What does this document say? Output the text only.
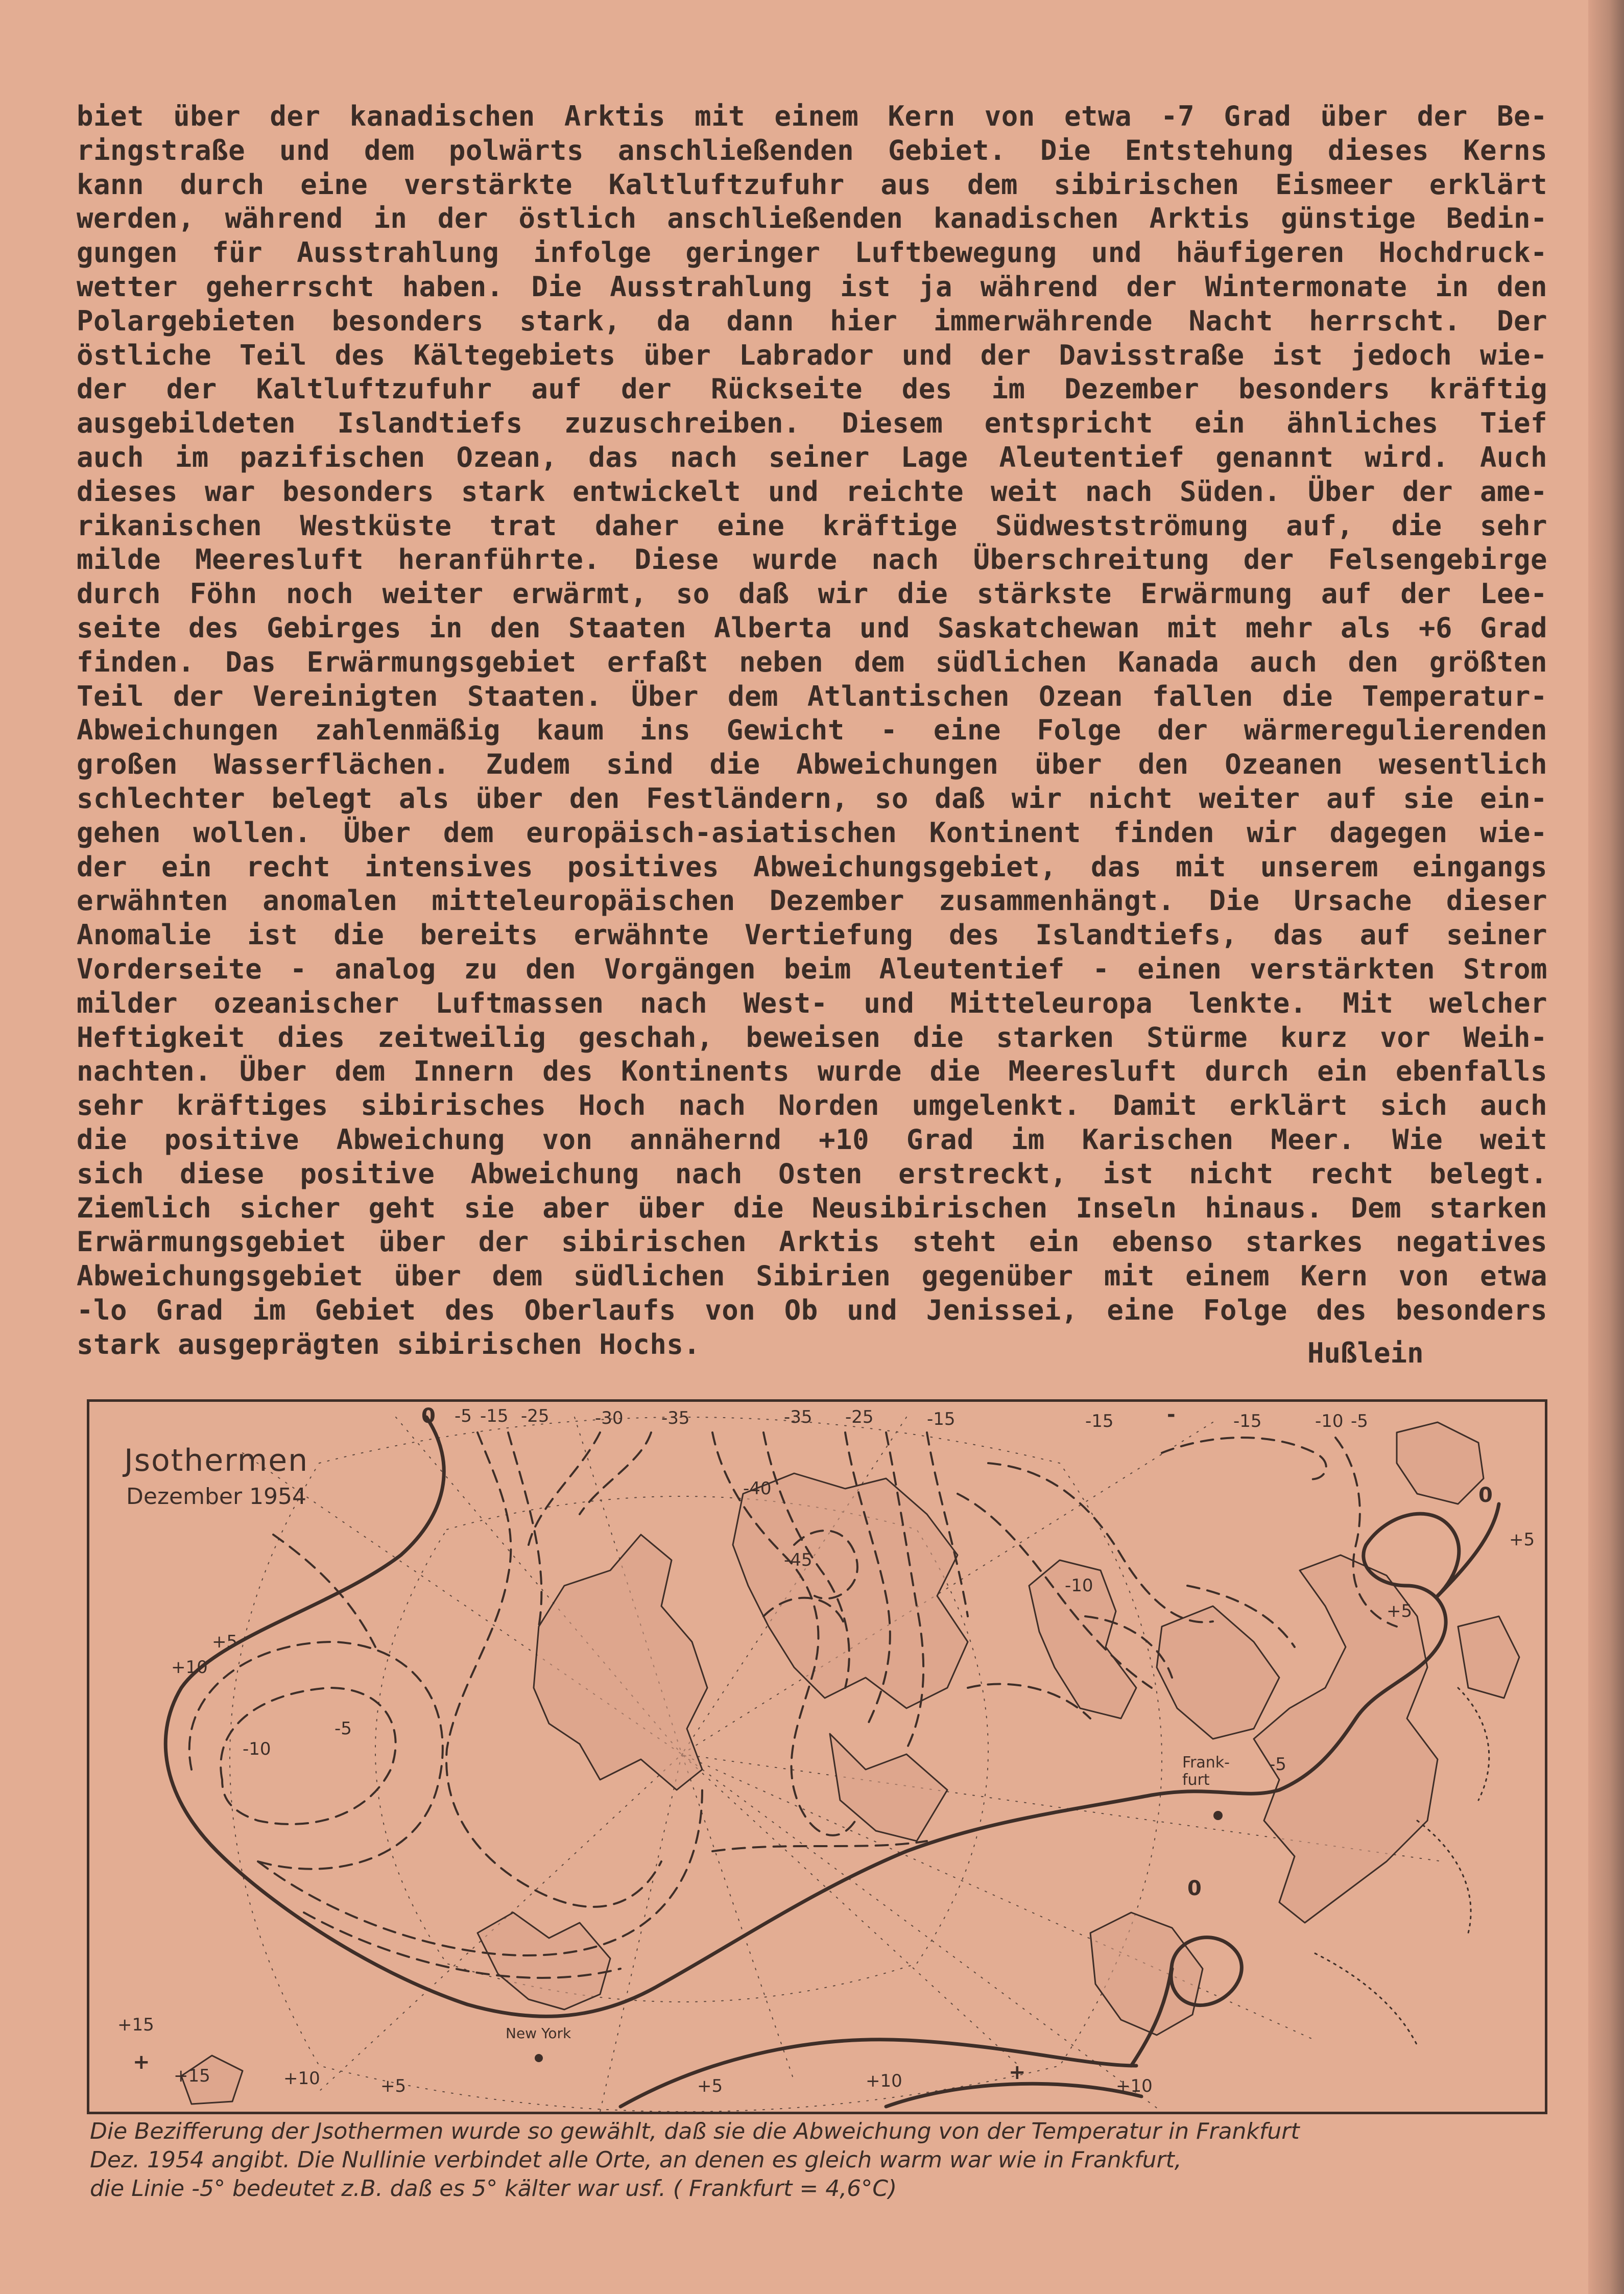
biet über der kanadischen Arktis mit einem Kern von etwa -7 Grad über der Be-
ringstraße und dem polwärts anschließenden Gebiet. Die Entstehung dieses Kerns
kann durch eine verstärkte Kaltluftzufuhr aus dem sibirischen Eismeer erklärt
werden, während in der östlich anschließenden kanadischen Arktis günstige Bedin-
gungen für Ausstrahlung infolge geringer Luftbewegung und häufigeren Hochdruck-
wetter geherrscht haben. Die Ausstrahlung ist ja während der Wintermonate in den
Polargebieten besonders stark, da dann hier immerwährende Nacht herrscht. Der
östliche Teil des Kältegebiets über Labrador und der Davisstraße ist jedoch wie-
der der Kaltluftzufuhr auf der Rückseite des im Dezember besonders kräftig
ausgebildeten Islandtiefs zuzuschreiben. Diesem entspricht ein ähnliches Tief
auch im pazifischen Ozean, das nach seiner Lage Aleutentief genannt wird. Auch
dieses war besonders stark entwickelt und reichte weit nach Süden. Über der ame-
rikanischen Westküste trat daher eine kräftige Südwestströmung auf, die sehr
milde Meeresluft heranführte. Diese wurde nach Überschreitung der Felsengebirge
durch Föhn noch weiter erwärmt, so daß wir die stärkste Erwärmung auf der Lee-
seite des Gebirges in den Staaten Alberta und Saskatchewan mit mehr als +6 Grad
finden. Das Erwärmungsgebiet erfaßt neben dem südlichen Kanada auch den größten
Teil der Vereinigten Staaten. Über dem Atlantischen Ozean fallen die Temperatur-
Abweichungen zahlenmäßig kaum ins Gewicht - eine Folge der wärmeregulierenden
großen Wasserflächen. Zudem sind die Abweichungen über den Ozeanen wesentlich
schlechter belegt als über den Festländern, so daß wir nicht weiter auf sie ein-
gehen wollen. Über dem europäisch-asiatischen Kontinent finden wir dagegen wie-
der ein recht intensives positives Abweichungsgebiet, das mit unserem eingangs
erwähnten anomalen mitteleuropäischen Dezember zusammenhängt. Die Ursache dieser
Anomalie ist die bereits erwähnte Vertiefung des Islandtiefs, das auf seiner
Vorderseite - analog zu den Vorgängen beim Aleutentief - einen verstärkten Strom
milder ozeanischer Luftmassen nach West- und Mitteleuropa lenkte. Mit welcher
Heftigkeit dies zeitweilig geschah, beweisen die starken Stürme kurz vor Weih-
nachten. Über dem Innern des Kontinents wurde die Meeresluft durch ein ebenfalls
sehr kräftiges sibirisches Hoch nach Norden umgelenkt. Damit erklärt sich auch
die positive Abweichung von annähernd +10 Grad im Karischen Meer. Wie weit
sich diese positive Abweichung nach Osten erstreckt, ist nicht recht belegt.
Ziemlich sicher geht sie aber über die Neusibirischen Inseln hinaus. Dem starken
Erwärmungsgebiet über der sibirischen Arktis steht ein ebenso starkes negatives
Abweichungsgebiet über dem südlichen Sibirien gegenüber mit einem Kern von etwa
-lo Grad im Gebiet des Oberlaufs von Ob und Jenissei, eine Folge des besonders
stark ausgeprägten sibirischen Hochs.	Hußlein
Jsothermen
Dezember 1954
0 -5 -15 -25	-30 -35	-35 -25	-15	-15	-	-15	-10 -5
-40
-45
-10
+5
+10
-5
-10
0
+5
+5
Frank-
furt
-5
0
+15
+
+15	+10	+5
New York
+5	+10	+
+10
Die Bezifferung der Jsothermen wurde so gewählt, daß sie die Abweichung von der Temperatur in Frankfurt
Dez. 1954 angibt. Die Nullinie verbindet alle Orte, an denen es gleich warm war wie in Frankfurt,
die Linie -5° bedeutet z.B. daß es 5° kälter war usf. ( Frankfurt = 4,6°C)
